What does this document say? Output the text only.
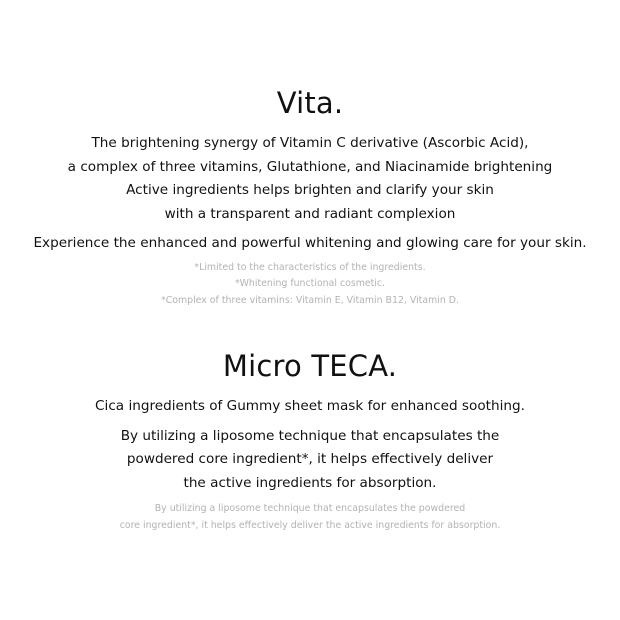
Vita.

The brightening synergy of Vitamin C derivative (Ascorbic Acid),
a complex of three vitamins, Glutathione, and Niacinamide brightening
Active ingredients helps brighten and clarify your skin
with a transparent and radiant complexion

Experience the enhanced and powerful whitening and glowing care for your skin.

*Limited to the characteristics of the ingredients.
*Whitening functional cosmetic.
*Complex of three vitamins: Vitamin E, Vitamin B12, Vitamin D.

Micro TECA.

Cica ingredients of Gummy sheet mask for enhanced soothing.

By utilizing a liposome technique that encapsulates the
powdered core ingredient*, it helps effectively deliver
the active ingredients for absorption.

By utilizing a liposome technique that encapsulates the powdered
core ingredient*, it helps effectively deliver the active ingredients for absorption.
